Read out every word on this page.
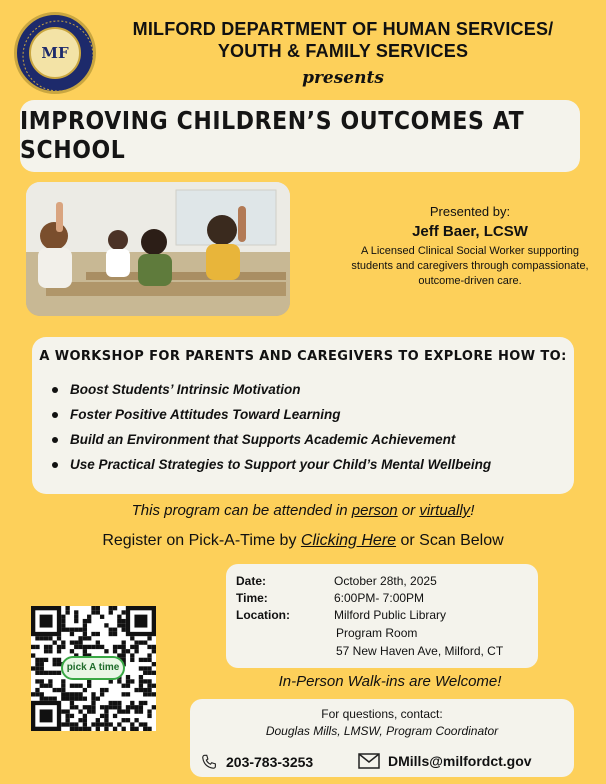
MF
MILFORD DEPARTMENT OF HUMAN SERVICES/
YOUTH & FAMILY SERVICES
presents
IMPROVING CHILDREN’S OUTCOMES AT SCHOOL
Presented by:
Jeff Baer, LCSW
A Licensed Clinical Social Worker supporting students and caregivers through compassionate, outcome-driven care.
A WORKSHOP FOR PARENTS AND CAREGIVERS TO EXPLORE HOW TO:
Boost Students’ Intrinsic Motivation
Foster Positive Attitudes Toward Learning
Build an Environment that Supports Academic Achievement
Use Practical Strategies to Support your Child’s Mental Wellbeing
This program can be attended in person or virtually!
Register on Pick-A-Time by Clicking Here or Scan Below
Date:	October 28th, 2025
Time:	6:00PM- 7:00PM
Location:	Milford Public Library
Program Room
57 New Haven Ave, Milford, CT
pick A time
In-Person Walk-ins are Welcome!
For questions, contact:
Douglas Mills, LMSW, Program Coordinator
203-783-3253	DMills@milfordct.gov
